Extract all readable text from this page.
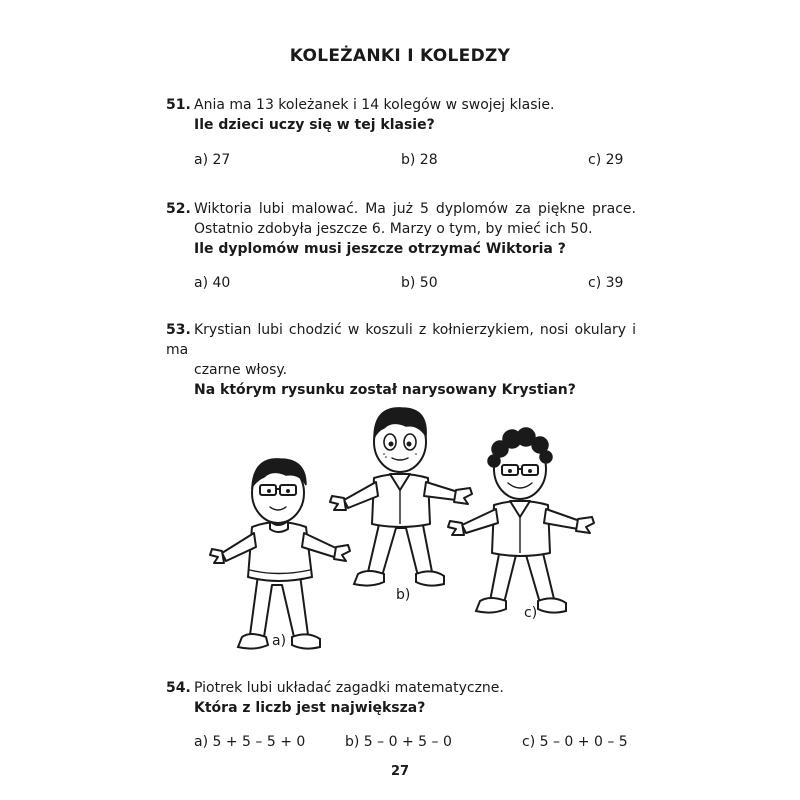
KOLEŻANKI I KOLEDZY
51. Ania ma 13 koleżanek i 14 kolegów w swojej klasie.
Ile dzieci uczy się w tej klasie?
a) 27	b) 28	c) 29
52. Wiktoria lubi malować. Ma już 5 dyplomów za piękne prace.
Ostatnio zdobyła jeszcze 6. Marzy o tym, by mieć ich 50.
Ile dyplomów musi jeszcze otrzymać Wiktoria ?
a) 40	b) 50	c) 39
53. Krystian lubi chodzić w koszuli z kołnierzykiem, nosi okulary i ma
czarne włosy.
Na którym rysunku został narysowany Krystian?
a)
b)
c)
54. Piotrek lubi układać zagadki matematyczne.
Która z liczb jest największa?
a) 5 + 5 – 5 + 0	b) 5 – 0 + 5 – 0	c) 5 – 0 + 0 – 5
27
